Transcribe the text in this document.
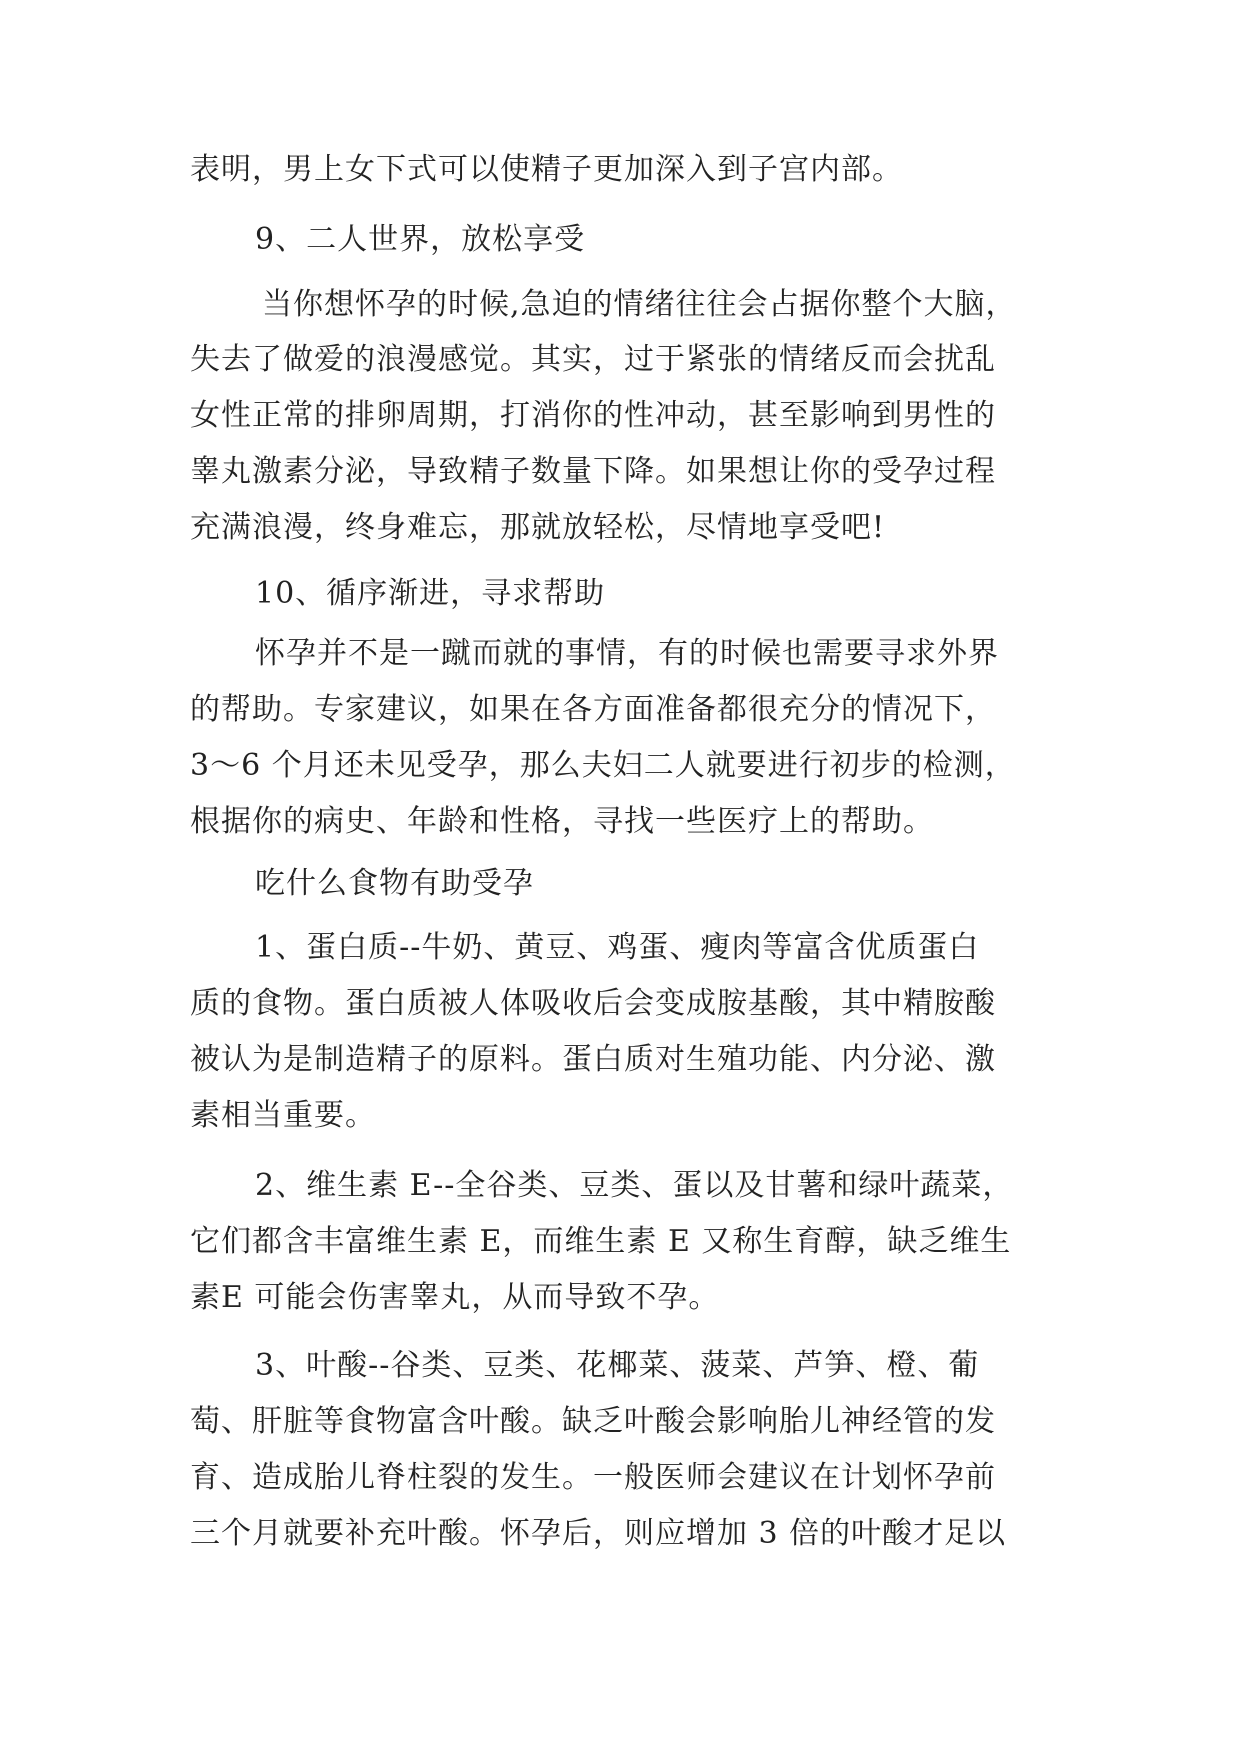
表明，男上女下式可以使精子更加深入到子宫内部。
9、二人世界，放松享受
当你想怀孕的时候,急迫的情绪往往会占据你整个大脑，
失去了做爱的浪漫感觉。其实，过于紧张的情绪反而会扰乱
女性正常的排卵周期，打消你的性冲动，甚至影响到男性的
睾丸激素分泌，导致精子数量下降。如果想让你的受孕过程
充满浪漫，终身难忘，那就放轻松，尽情地享受吧!
10、循序渐进，寻求帮助
怀孕并不是一蹴而就的事情，有的时候也需要寻求外界
的帮助。专家建议，如果在各方面准备都很充分的情况下，
3～6 个月还未见受孕，那么夫妇二人就要进行初步的检测，
根据你的病史、年龄和性格，寻找一些医疗上的帮助。
吃什么食物有助受孕
1、蛋白质--牛奶、黄豆、鸡蛋、瘦肉等富含优质蛋白
质的食物。蛋白质被人体吸收后会变成胺基酸，其中精胺酸
被认为是制造精子的原料。蛋白质对生殖功能、内分泌、激
素相当重要。
2、维生素 E--全谷类、豆类、蛋以及甘薯和绿叶蔬菜，
它们都含丰富维生素 E，而维生素 E 又称生育醇，缺乏维生
素E 可能会伤害睾丸，从而导致不孕。
3、叶酸--谷类、豆类、花椰菜、菠菜、芦笋、橙、葡
萄、肝脏等食物富含叶酸。缺乏叶酸会影响胎儿神经管的发
育、造成胎儿脊柱裂的发生。一般医师会建议在计划怀孕前
三个月就要补充叶酸。怀孕后，则应增加 3 倍的叶酸才足以
